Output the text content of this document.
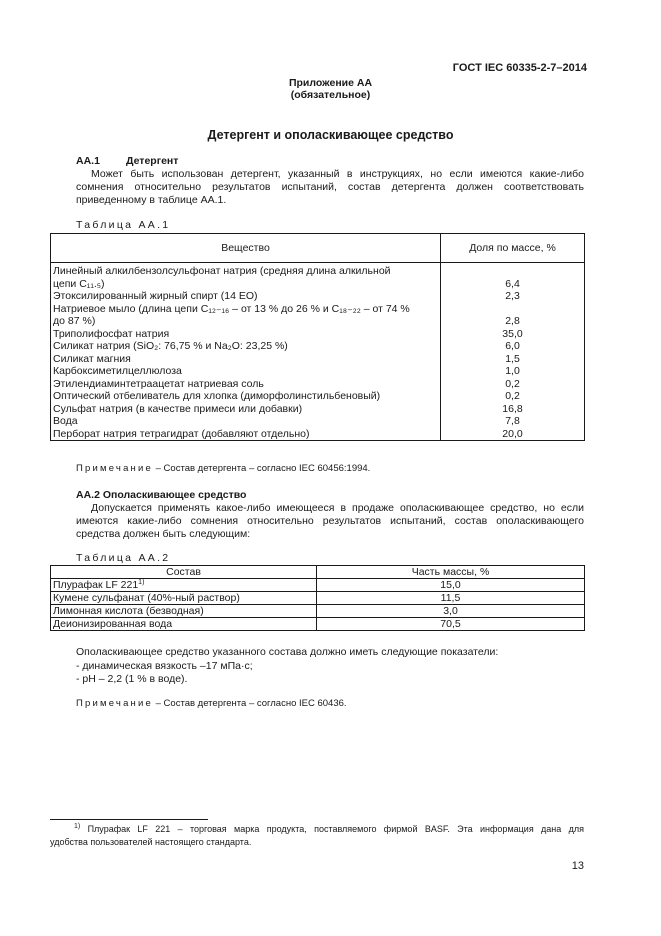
ГОСТ IEC 60335-2-7–2014
Приложение АА
(обязательное)
Детергент и ополаскивающее средство
АА.1 Детергент
Может быть использован детергент, указанный в инструкциях, но если имеются какие-либо
сомнения относительно результатов испытаний, состав детергента должен соответствовать
приведенному в таблице АА.1.
Таблица АА.1
Вещество	Доля по массе, %

Линейный алкилбензолсульфонат натрия (средняя длина алкильной
цепи C₁₁.₅)	6,4

Этоксилированный жирный спирт (14 EO)	2,3

Натриевое мыло (длина цепи C₁₂₋₁₆ – от 13 % до 26 % и C₁₈₋₂₂ – от 74 %
до 87 %)	2,8

Триполифосфат натрия	35,0

Силикат натрия (SiO₂: 76,75 % и Na₂O: 23,25 %)	6,0

Силикат магния	1,5

Карбоксиметилцеллюлоза	1,0

Этилендиаминтетраацетат натриевая соль	0,2

Оптический отбеливатель для хлопка (диморфолинстильбеновый)	0,2

Сульфат натрия (в качестве примеси или добавки)	16,8

Вода	7,8

Перборат натрия тетрагидрат (добавляют отдельно)	20,0
Примечание – Состав детергента – согласно IEC 60456:1994.
АА.2 Ополаскивающее средство
Допускается применять какое-либо имеющееся в продаже ополаскивающее средство, но если
имеются какие-либо сомнения относительно результатов испытаний, состав ополаскивающего
средства должен быть следующим:
Таблица АА.2
Состав	Часть массы, %
Плурафак LF 221$^{1)}$	15,0
Кумене сульфанат (40%-ный раствор)	11,5
Лимонная кислота (безводная)	3,0
Деионизированная вода	70,5
Ополаскивающее средство указанного состава должно иметь следующие показатели:
- динамическая вязкость –17 мПа·с;
- pH – 2,2 (1 % в воде).
Примечание – Состав детергента – согласно IEC 60436.
$^{1)}$ Плурафак LF 221 – торговая марка продукта, поставляемого фирмой BASF. Эта информация дана для
удобства пользователей настоящего стандарта.
13
